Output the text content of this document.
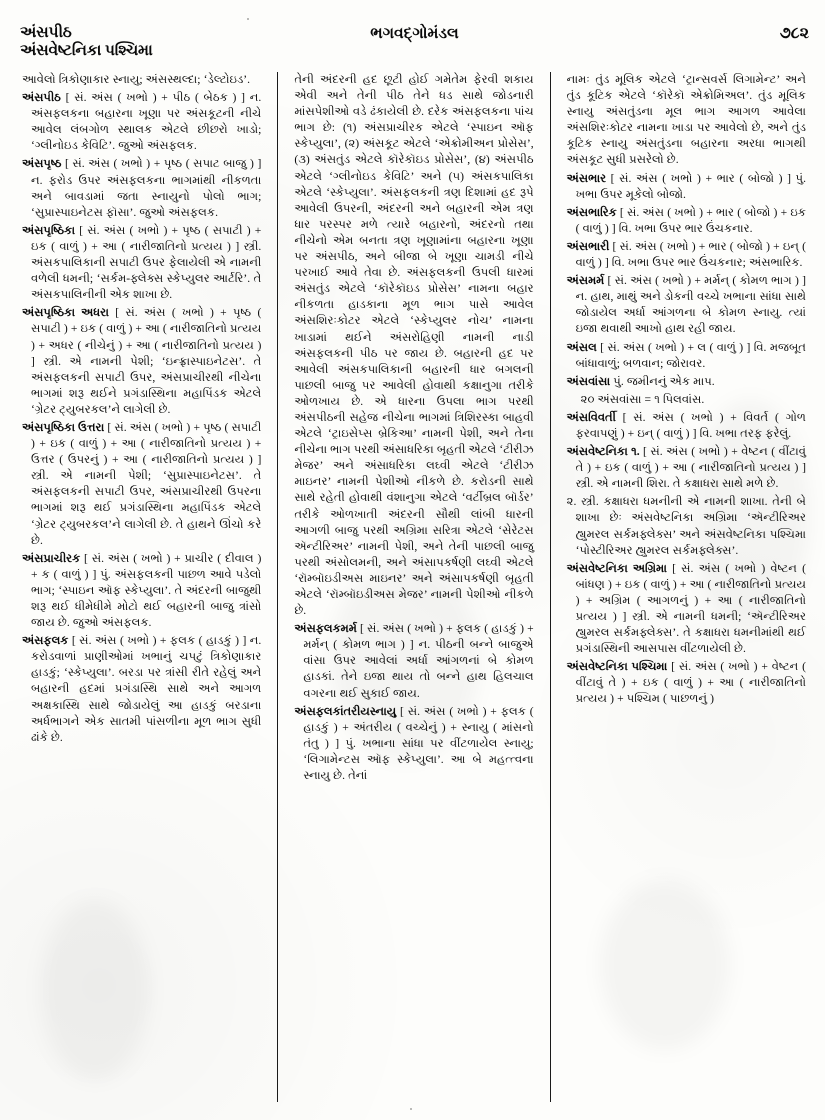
અંસપીઠ
અંસવેષ્ટનિકા પશ્ચિમા
ભગવદ્ગોમંડલ	૭૮૨

આવેલો ત્રિકોણાકાર સ્નાયુ; અંસસ્થલ્દા; ‘ડેલ્ટોઇડ’.

અંસપીઠ [ સં. અંસ ( ખભો ) + પીઠ ( બેઠક ) ] ન. અંસફલકના બહારના ખૂણા પર અંસકૂટની નીચે આવેલ લંબગોળ સ્થાલક એટલે છીછરો ખાડો; ‘ગ્લીનોઇડ કેવિટિ’. જુઓ અંસફલક.

અંસપૃષ્ઠ [ સં. અંસ ( ખભો ) + પૃષ્ઠ ( સપાટ બાજુ ) ] ન. ફરોડ ઉપર અંસફલકના ભાગમાંથી નીકળતા અને બાવડામાં જતા સ્નાયુનો પોલો ભાગ; ‘સુપ્રાસ્પાઇનેટસ ફૉસા’. જુઓ અંસફલક.

અંસપૃષ્ઠિકા [ સં. અંસ ( ખભો ) + પૃષ્ઠ ( સપાટી ) + ઇક ( વાળું ) + આ ( નારીજાતિનો પ્રત્યય ) ] સ્ત્રી. અંસકપાલિકાની સપાટી ઉપર ફેલાયેલી એ નામની વળેલી ધમની; ‘સર્કમ-ફ્લેક્સ સ્કેપ્યુલર આર્ટરિ’. તે અંસકપાલિનીની એક શાખા છે.

અંસપૃષ્ઠિકા અધરા [ સં. અંસ ( ખભો ) + પૃષ્ઠ ( સપાટી ) + ઇક ( વાળું ) + આ ( નારીજાતિનો પ્રત્યય ) + અધર ( નીચેનું ) + આ ( નારીજાતિનો પ્રત્યય ) ] સ્ત્રી. એ નામની પેશી; ‘ઇન્ફ્રાસ્પાઇનેટસ’. તે અંસફલકની સપાટી ઉપર, અંસપ્રાચીરથી નીચેના ભાગમાં શરૂ થઈને પ્રગંડાસ્થિના મહાપિંડક એટલે ‘ગ્રેટર ટ્યુબરકલ’ને લાગેલી છે.

અંસપૃષ્ઠિકા ઉત્તરા [ સં. અંસ ( ખભો ) + પૃષ્ઠ ( સપાટી ) + ઇક ( વાળું ) + આ ( નારીજાતિનો પ્રત્યય ) + ઉત્તર ( ઉપરનું ) + આ ( નારીજાતિનો પ્રત્યય ) ] સ્ત્રી. એ નામની પેશી; ‘સુપ્રાસ્પાઇનેટસ’. તે અંસફલકની સપાટી ઉપર, અંસપ્રાચીરથી ઉપરના ભાગમાં શરૂ થઈ પ્રગંડાસ્થિના મહાપિંડક એટલે ‘ગ્રેટર ટ્યુબરકલ’ને લાગેલી છે. તે હાથને ઊંચો કરે છે.

અંસપ્રાચીરક [ સં. અંસ ( ખભો ) + પ્રાચીર ( દીવાલ ) + ક ( વાળું ) ] પું. અંસફલકની પાછળ આવે પડેલો ભાગ; ‘સ્પાઇન ઑફ સ્કેપ્યુલા’. તે અંદરની બાજુથી શરૂ થઈ ધીમેધીમે મોટો થઈ બહારની બાજુ ત્રાંસો જાય છે. જુઓ અંસફલક.

અંસફલક [ સં. અંસ ( ખભો ) + ફલક ( હાડકું ) ] ન. કરોડવાળાં પ્રાણીઓમાં ખભાનું ચપટું ત્રિકોણાકાર હાડકું; ‘સ્કેપ્યુલા’. બરડા પર ત્રાંસી રીતે રહેલું અને બહારની હદમાં પ્રગંડાસ્થિ સાથે અને આગળ અક્ષકાસ્થિ સાથે જોડાયેલું આ હાડકું બરડાના અર્ધભાગને એક સાતમી પાંસળીના મૂળ ભાગ સુધી ઢાંકે છે.

તેની અંદરની હદ છૂટી હોઈ ગમેતેમ ફેરવી શકાય એવી અને તેની પીઠ તેને ધડ સાથે જોડનારી માંસપેશીઓ વડે ઢંકાયેલી છે. દરેક અંસફલકના પાંચ ભાગ છે: (૧) અંસપ્રાચીરક એટલે ‘સ્પાઇન ઑફ સ્કેપ્યુલા’, (૨) અંસકૂટ એટલે ‘એક્રોમીઅન પ્રોસેસ’, (૩) અંસતુંડ એટલે કૉરેકૉઇડ પ્રોસેસ’, (૪) અંસપીઠ એટલે ‘ગ્લીનોઇડ કેવિટિ’ અને (૫) અંસકપાલિકા એટલે ‘સ્કેપ્યુલા’. અંસફલકની ત્રણ દિશામાં હદ રૂપે આવેલી ઉપરની, અંદરની અને બહારની એમ ત્રણ ધાર પરસ્પર મળે ત્યારે બહારનો, અંદરનો તથા નીચેનો એમ બનતા ત્રણ ખૂણામાંના બહારના ખૂણા પર અંસપીઠ, અને બીજા બે ખૂણા ચામડી નીચે પરખાઈ આવે તેવા છે. અંસફલકની ઉપલી ધારમાં અંસતુંડ એટલે ‘કૉરેકૉઇડ પ્રોસેસ’ નામના બહાર નીકળતા હાડકાના મૂળ ભાગ પાસે આવેલ અંસશિરઃકોટર એટલે ‘સ્કેપ્યુલર નોચ’ નામના ખાડામાં થઈને અંસરોહિણી નામની નાડી અંસફલકની પીઠ પર જાય છે. બહારની હદ પર આવેલી અંસકપાલિકાની બહારની ધાર બગલની પાછલી બાજુ પર આવેલી હોવાથી કક્ષાનુગા તરીકે ઓળખાય છે. એ ધારના ઉપલા ભાગ પરથી અંસપીઠની સહેજ નીચેના ભાગમાં ત્રિશિરસ્કા બાહવી એટલે ‘ટ્રાઇસેપ્સ બ્રેકિઆ’ નામની પેશી, અને તેના નીચેના ભાગ પરથી અંસાધરિકા બૃહતી એટલે ‘ટીરીઝ મેજર’ અને અંસાધરિકા લઘ્વી એટલે ‘ટીરીઝ માઇનર’ નામની પેશીઓ નીકળે છે. કરોડની સાથે સાથે રહેતી હોવાથી વંશાનુગા એટલે ‘વર્ટીબ્રલ બૉર્ડર’ તરીકે ઓળખાતી અંદરની સૌથી લાંબી ધારની આગળી બાજુ પરથી અગ્રિમા સરિત્રા એટલે ‘સેરેટસ ઍન્ટીરિઅર’ નામની પેશી, અને તેની પાછલી બાજુ પરથી અંસોલમની, અને અંસાપકર્ષણી લઘ્વી એટલે ‘રૉમ્બૉઇડીઅસ માઇનર’ અને અંસાપકર્ષણી બૃહતી એટલે ‘રૉમ્બૉઇડીઅસ મેજર’ નામની પેશીઓ નીકળે છે.

અંસફલકમર્મ [ સં. અંસ ( ખભો ) + ફલક ( હાડકું ) + મર્મન્ ( કોમળ ભાગ ) ] ન. પીઠની બન્ને બાજુએ વાંસા ઉપર આવેલાં અર્ધા આંગળનાં બે કોમળ હાડકાં. તેને ઇજા થાય તો બન્ને હાથ હિલચાલ વગરના થઈ સુકાઈ જાય.

અંસફલકાંતરીયસ્નાયુ [ સં. અંસ ( ખભો ) + ફલક ( હાડકું ) + અંતરીય ( વચ્ચેનું ) + સ્નાયુ ( માંસનો તંતુ ) ] પું. ખભાના સાંધા પર વીંટળાયેલ સ્નાયુ; ‘લિગામેન્ટસ ઑફ સ્કેપ્યુલા’. આ બે મહત્ત્વના સ્નાયુ છે. તેનાં

નામઃ તુંડ મૂલિક એટલે ‘ટ્રાન્સવર્સ લિગામેન્ટ’ અને તુંડ કૂટિક એટલે ‘કૉરેકૉ એક્રોમિઅલ’. તુંડ મૂલિક સ્નાયુ અંસતુંડના મૂલ ભાગ આગળ આવેલા અંસશિરઃકોટર નામના ખાડા પર આવેલો છે, અને તુંડ કૂટિક સ્નાયુ અંસતુંડના બહારના અરધા ભાગથી અંસકૂટ સુધી પ્રસરેલો છે.

અંસભાર [ સં. અંસ ( ખભો ) + ભાર ( બોજો ) ] પું. ખભા ઉપર મૂકેલો બોજો.

અંસભારિક [ સં. અંસ ( ખભો ) + ભાર ( બોજો ) + ઇક ( વાળું ) ] વિ. ખભા ઉપર ભાર ઉંચકનાર.

અંસભારી [ સં. અંસ ( ખભો ) + ભાર ( બોજો ) + ઇન્ ( વાળું ) ] વિ. ખભા ઉપર ભાર ઉંચકનાર; અંસભારિક.

અંસમર્મ [ સં. અંસ ( ખભો ) + મર્મન્ ( કોમળ ભાગ ) ] ન. હાથ, માથું અને ડોકની વચ્ચે ખભાના સાંધા સાથે જોડાયેલ અર્ધા આંગળના બે કોમળ સ્નાયુ. ત્યાં ઇજા થવાથી આખો હાથ રહી જાય.

અંસલ [ સં. અંસ ( ખભો ) + લ ( વાળું ) ] વિ. મજબૂત બાંધાવાળું; બળવાન; જોરાવર.

અંસવાંસા પું. જમીનનું એક માપ.

૨૦ અંસવાંસા = ૧ પિલવાંસ.

અંસવિવર્તી [ સં. અંસ ( ખભો ) + વિવર્ત ( ગોળ ફરવાપણું ) + ઇન્ ( વાળું ) ] વિ. ખભા તરફ ફરેલું.

અંસવેષ્ટનિકા ૧. [ સં. અંસ ( ખભો ) + વેષ્ટન ( વીંટાવું તે ) + ઇક ( વાળું ) + આ ( નારીજાતિનો પ્રત્યય ) ] સ્ત્રી. એ નામની શિરા. તે કક્ષાધરા સાથે મળે છે.

૨. સ્ત્રી. કક્ષાધરા ધમનીની એ નામની શાખા. તેની બે શાખા છેઃ અંસવેષ્ટનિકા અગ્રિમા ‘ઍન્ટીરિઅર હ્યુમરલ સર્કમફ્લેક્સ’ અને અંસવેષ્ટનિકા પશ્ચિમા ‘પોસ્ટીરિઅર હ્યુમરલ સર્કમફ્લેક્સ’.

અંસવેષ્ટનિકા અગ્રિમા [ સં. અંસ ( ખભો ) વેષ્ટન ( બાંધણ ) + ઇક ( વાળું ) + આ ( નારીજાતિનો પ્રત્યય ) + અગ્રિમ ( આગળનું ) + આ ( નારીજાતિનો પ્રત્યય ) ] સ્ત્રી. એ નામની ધમની; ‘ઍન્ટીરિઅર હ્યુમરલ સર્કમફ્લેક્સ’. તે કક્ષાધરા ધમનીમાંથી થઈ પ્રગંડાસ્થિની આસપાસ વીંટળાયેલી છે.

અંસવેષ્ટનિકા પશ્ચિમા [ સં. અંસ ( ખભો ) + વેષ્ટન ( વીંટાવું તે ) + ઇક ( વાળું ) + આ ( નારીજાતિનો પ્રત્યય ) + પશ્ચિમ ( પાછળનું )
